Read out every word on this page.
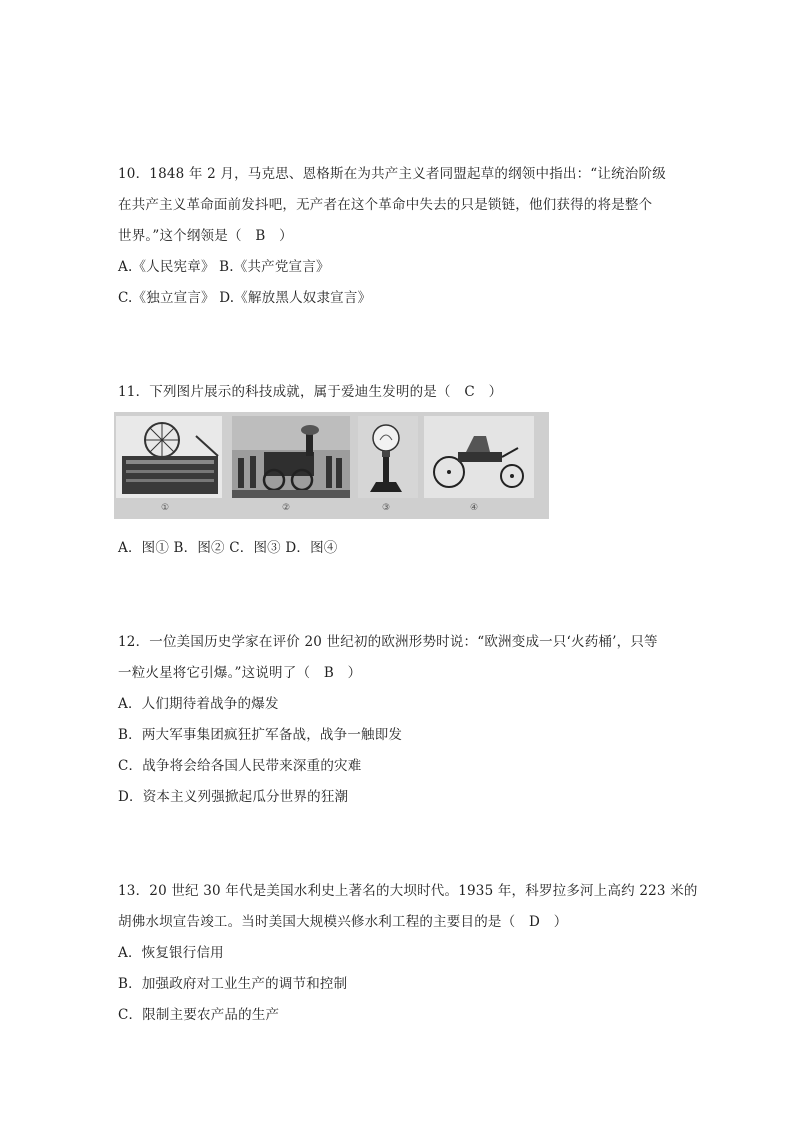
10．1848 年 2 月，马克思、恩格斯在为共产主义者同盟起草的纲领中指出：“让统治阶级
在共产主义革命面前发抖吧，无产者在这个革命中失去的只是锁链，他们获得的将是整个
世界。”这个纲领是（　B　）
A.《人民宪章》 B.《共产党宣言》
C.《独立宣言》 D.《解放黑人奴隶宣言》
11．下列图片展示的科技成就，属于爱迪生发明的是（　C　）
①	②	③	④
A．图① B．图② C．图③ D．图④
12．一位美国历史学家在评价 20 世纪初的欧洲形势时说：“欧洲变成一只‘火药桶’，只等
一粒火星将它引爆。”这说明了（　B　）
A．人们期待着战争的爆发
B．两大军事集团疯狂扩军备战，战争一触即发
C．战争将会给各国人民带来深重的灾难
D．资本主义列强掀起瓜分世界的狂潮
13．20 世纪 30 年代是美国水利史上著名的大坝时代。1935 年，科罗拉多河上高约 223 米的
胡佛水坝宣告竣工。当时美国大规模兴修水利工程的主要目的是（　D　）
A．恢复银行信用
B．加强政府对工业生产的调节和控制
C．限制主要农产品的生产
